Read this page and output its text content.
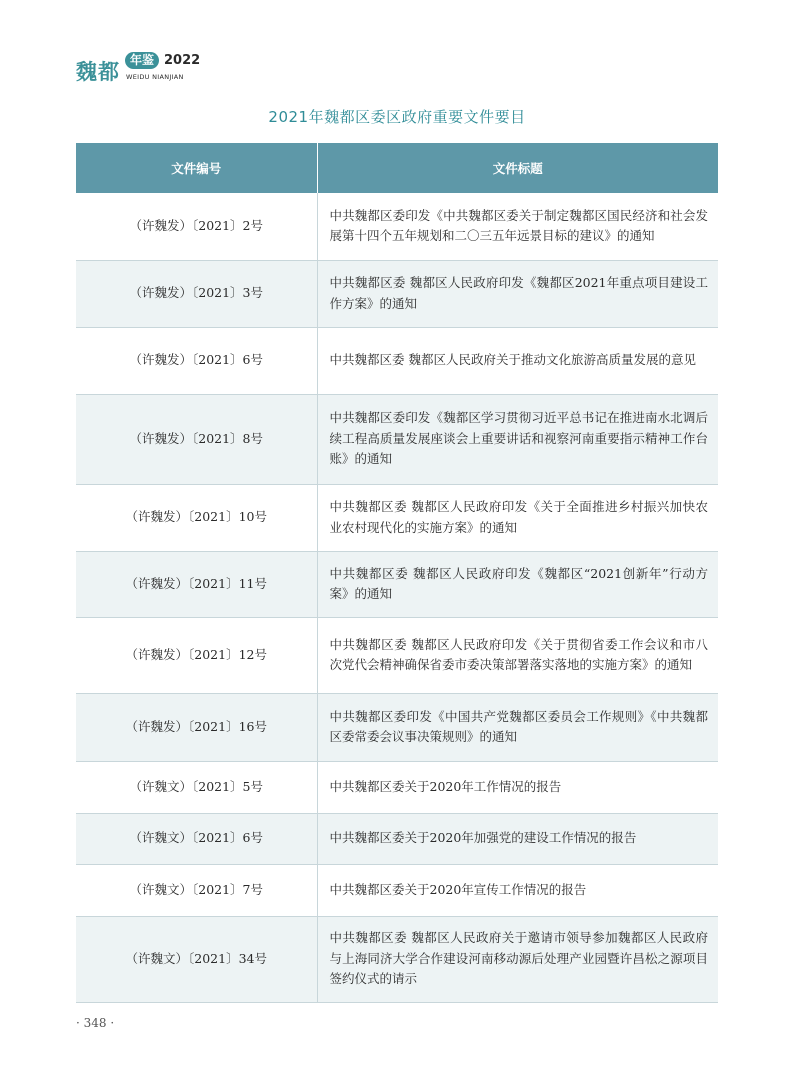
魏都 年鉴 2022
WEIDU NIANJIAN
2021年魏都区委区政府重要文件要目
文件编号	文件标题
（许魏发）〔2021〕2号	中共魏都区委印发《中共魏都区委关于制定魏都区国民经济和社会发展第十四个五年规划和二〇三五年远景目标的建议》的通知
（许魏发）〔2021〕3号	中共魏都区委 魏都区人民政府印发《魏都区2021年重点项目建设工作方案》的通知
（许魏发）〔2021〕6号	中共魏都区委 魏都区人民政府关于推动文化旅游高质量发展的意见
（许魏发）〔2021〕8号	中共魏都区委印发《魏都区学习贯彻习近平总书记在推进南水北调后续工程高质量发展座谈会上重要讲话和视察河南重要指示精神工作台账》的通知
（许魏发）〔2021〕10号	中共魏都区委 魏都区人民政府印发《关于全面推进乡村振兴加快农业农村现代化的实施方案》的通知
（许魏发）〔2021〕11号	中共魏都区委 魏都区人民政府印发《魏都区“2021创新年”行动方案》的通知
（许魏发）〔2021〕12号	中共魏都区委 魏都区人民政府印发《关于贯彻省委工作会议和市八次党代会精神确保省委市委决策部署落实落地的实施方案》的通知
（许魏发）〔2021〕16号	中共魏都区委印发《中国共产党魏都区委员会工作规则》《中共魏都区委常委会议事决策规则》的通知
（许魏文）〔2021〕5号	中共魏都区委关于2020年工作情况的报告
（许魏文）〔2021〕6号	中共魏都区委关于2020年加强党的建设工作情况的报告
（许魏文）〔2021〕7号	中共魏都区委关于2020年宣传工作情况的报告
（许魏文）〔2021〕34号	中共魏都区委 魏都区人民政府关于邀请市领导参加魏都区人民政府与上海同济大学合作建设河南移动源后处理产业园暨许昌松之源项目签约仪式的请示
· 348 ·
